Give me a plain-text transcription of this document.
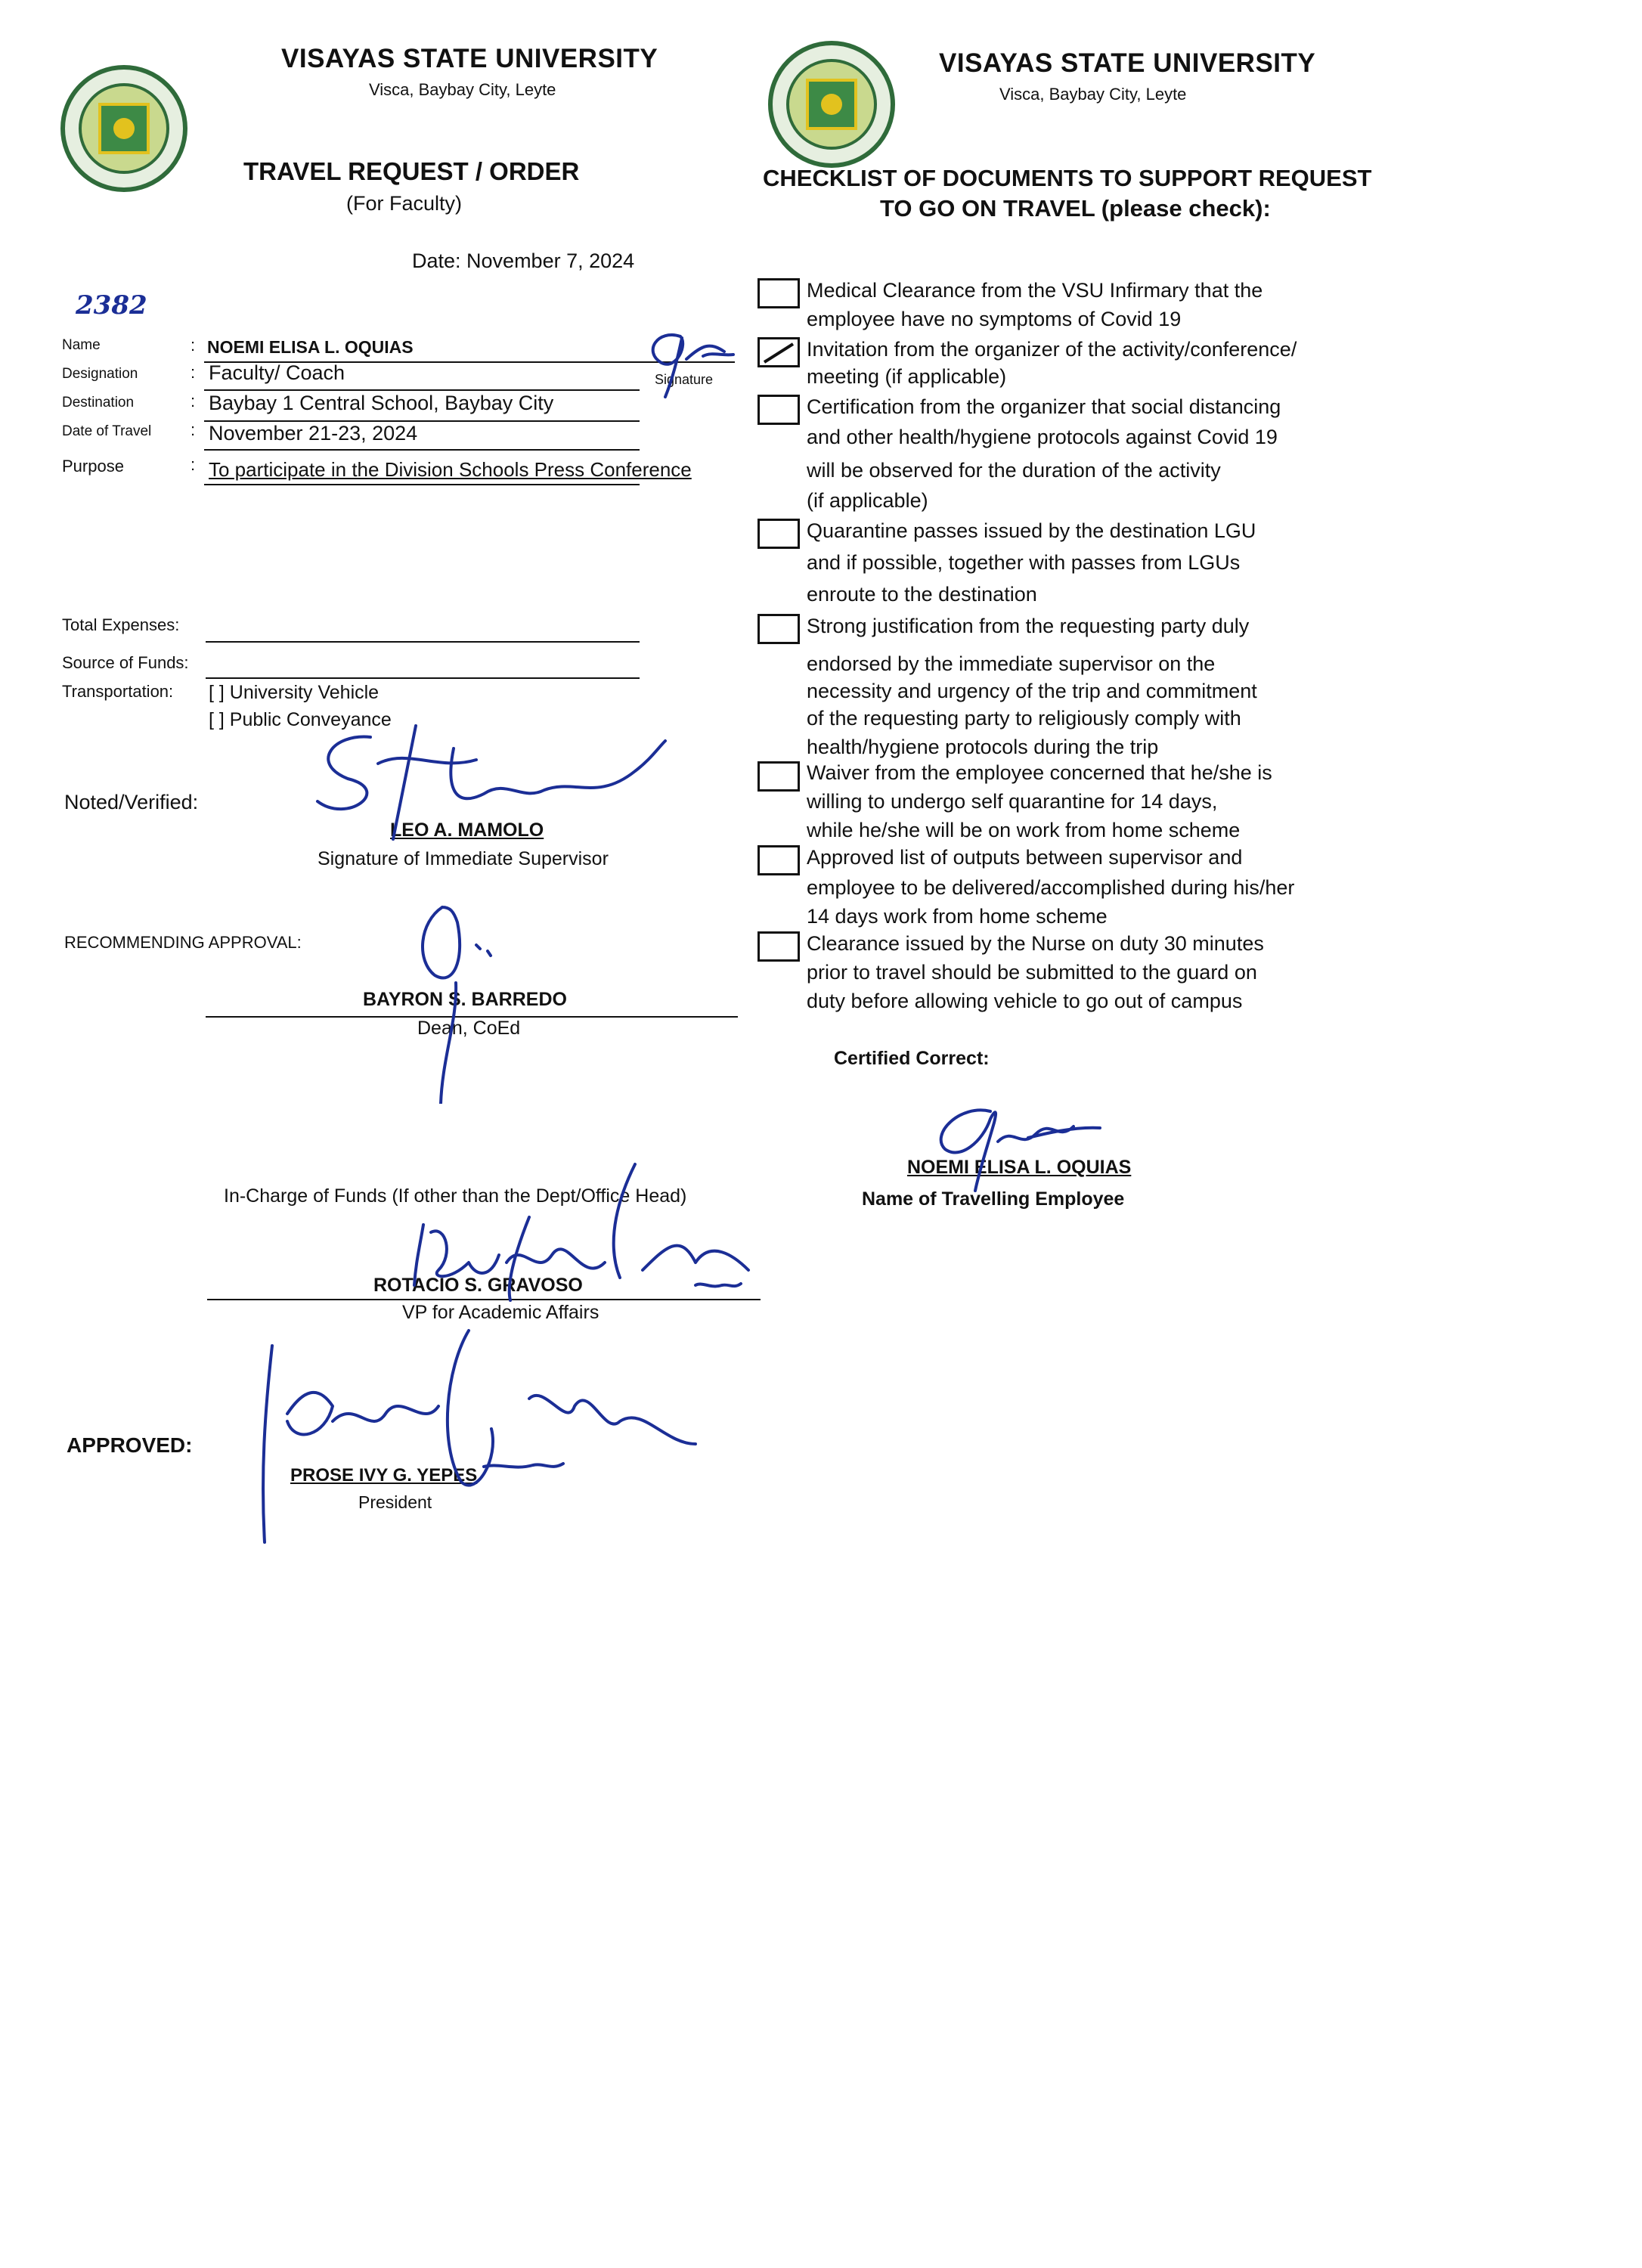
VISAYAS STATE UNIVERSITY
Visca, Baybay City, Leyte
TRAVEL REQUEST / ORDER
(For Faculty)
Date: November 7, 2024
2382
Name	: NOEMI ELISA L. OQUIAS
Signature
Designation	: Faculty/ Coach
Destination	: Baybay 1 Central School, Baybay City
Date of Travel : November 21-23, 2024
Purpose	: To participate in the Division Schools Press Conference
Total Expenses:
Source of Funds:
Transportation: [ ] University Vehicle
[ ] Public Conveyance
Noted/Verified:
LEO A. MAMOLO
Signature of Immediate Supervisor
RECOMMENDING APPROVAL:
BAYRON S. BARREDO
Dean, CoEd
In-Charge of Funds (If other than the Dept/Office Head)
ROTACIO S. GRAVOSO
VP for Academic Affairs
APPROVED:
PROSE IVY G. YEPES
President
VISAYAS STATE UNIVERSITY
Visca, Baybay City, Leyte
CHECKLIST OF DOCUMENTS TO SUPPORT REQUEST
TO GO ON TRAVEL (please check):
Medical Clearance from the VSU Infirmary that the
employee have no symptoms of Covid 19
Invitation from the organizer of the activity/conference/
meeting (if applicable)
Certification from the organizer that social distancing
and other health/hygiene protocols against Covid 19
will be observed for the duration of the activity
(if applicable)
Quarantine passes issued by the destination LGU
and if possible, together with passes from LGUs
enroute to the destination
Strong justification from the requesting party duly
endorsed by the immediate supervisor on the
necessity and urgency of the trip and commitment
of the requesting party to religiously comply with
health/hygiene protocols during the trip
Waiver from the employee concerned that he/she is
willing to undergo self quarantine for 14 days,
while he/she will be on work from home scheme
Approved list of outputs between supervisor and
employee to be delivered/accomplished during his/her
14 days work from home scheme
Clearance issued by the Nurse on duty 30 minutes
prior to travel should be submitted to the guard on
duty before allowing vehicle to go out of campus
Certified Correct:
NOEMI ELISA L. OQUIAS
Name of Travelling Employee
